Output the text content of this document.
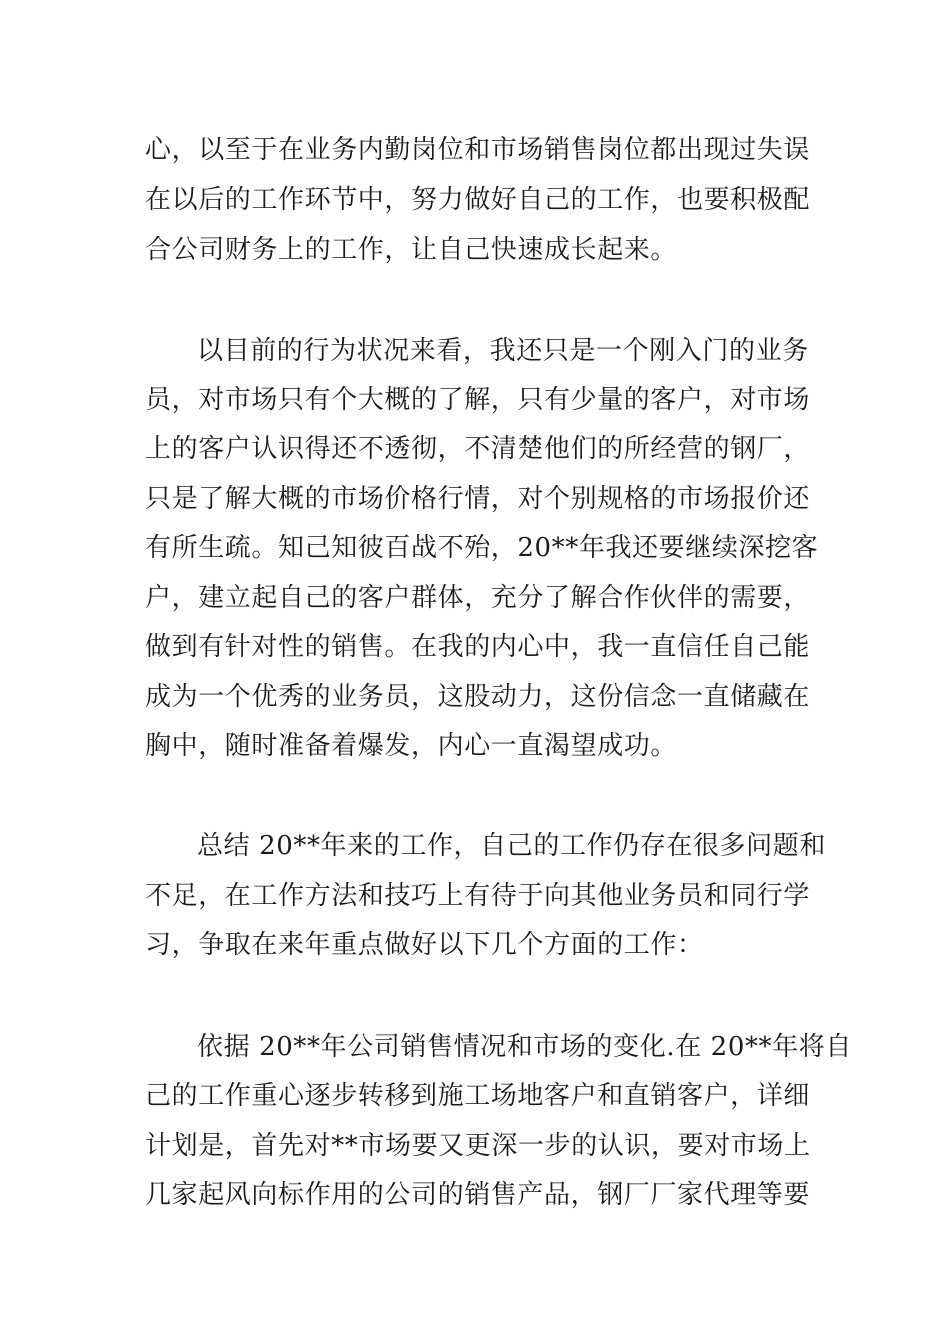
心，以至于在业务内勤岗位和市场销售岗位都出现过失误
在以后的工作环节中，努力做好自己的工作，也要积极配
合公司财务上的工作，让自己快速成长起来。
以目前的行为状况来看，我还只是一个刚入门的业务
员，对市场只有个大概的了解，只有少量的客户，对市场
上的客户认识得还不透彻，不清楚他们的所经营的钢厂，
只是了解大概的市场价格行情，对个别规格的市场报价还
有所生疏。知己知彼百战不殆，20**年我还要继续深挖客
户，建立起自己的客户群体，充分了解合作伙伴的需要，
做到有针对性的销售。在我的内心中，我一直信任自己能
成为一个优秀的业务员，这股动力，这份信念一直储藏在
胸中，随时准备着爆发，内心一直渴望成功。
总结 20**年来的工作，自己的工作仍存在很多问题和
不足，在工作方法和技巧上有待于向其他业务员和同行学
习，争取在来年重点做好以下几个方面的工作：
依据 20**年公司销售情况和市场的变化.在 20**年将自
己的工作重心逐步转移到施工场地客户和直销客户，详细
计划是，首先对**市场要又更深一步的认识，要对市场上
几家起风向标作用的公司的销售产品，钢厂厂家代理等要
